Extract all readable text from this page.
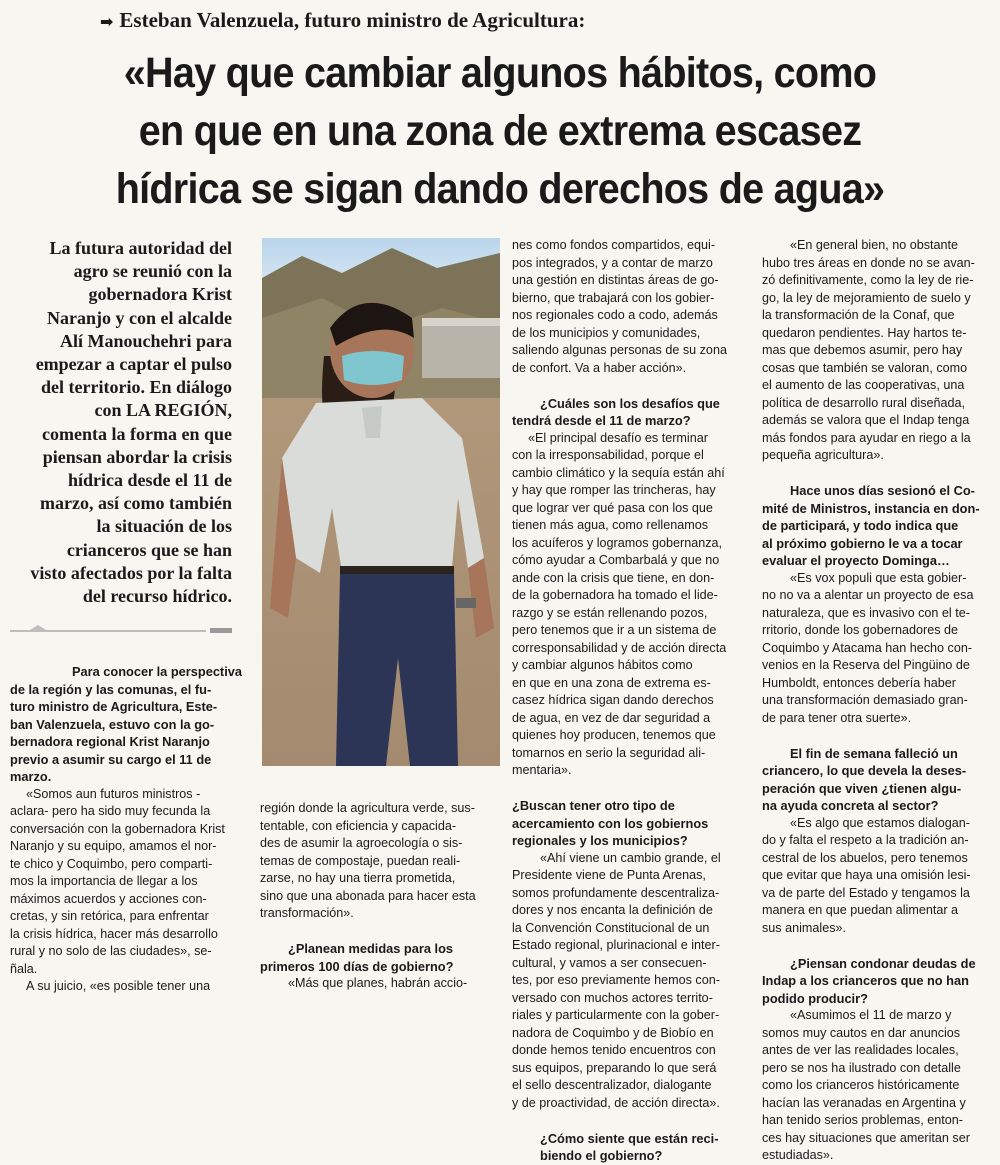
➡ Esteban Valenzuela, futuro ministro de Agricultura:
«Hay que cambiar algunos hábitos, como
en que en una zona de extrema escasez
hídrica se sigan dando derechos de agua»
La futura autoridad del
agro se reunió con la
gobernadora Krist
Naranjo y con el alcalde
Alí Manouchehri para
empezar a captar el pulso
del territorio. En diálogo
con LA REGIÓN,
comenta la forma en que
piensan abordar la crisis
hídrica desde el 11 de
marzo, así como también
la situación de los
crianceros que se han
visto afectados por la falta
del recurso hídrico.
Para conocer la perspectiva
de la región y las comunas, el fu-
turo ministro de Agricultura, Este-
ban Valenzuela, estuvo con la go-
bernadora regional Krist Naranjo
previo a asumir su cargo el 11 de
marzo.
«Somos aun futuros ministros -
aclara- pero ha sido muy fecunda la
conversación con la gobernadora Krist
Naranjo y su equipo, amamos el nor-
te chico y Coquimbo, pero comparti-
mos la importancia de llegar a los
máximos acuerdos y acciones con-
cretas, y sin retórica, para enfrentar
la crisis hídrica, hacer más desarrollo
rural y no solo de las ciudades», se-
ñala.
A su juicio, «es posible tener una
región donde la agricultura verde, sus-
tentable, con eficiencia y capacida-
des de asumir la agroecología o sis-
temas de compostaje, puedan reali-
zarse, no hay una tierra prometida,
sino que una abonada para hacer esta
transformación».
¿Planean medidas para los
primeros 100 días de gobierno?
«Más que planes, habrán accio-
nes como fondos compartidos, equi-
pos integrados, y a contar de marzo
una gestión en distintas áreas de go-
bierno, que trabajará con los gobier-
nos regionales codo a codo, además
de los municipios y comunidades,
saliendo algunas personas de su zona
de confort. Va a haber acción».
¿Cuáles son los desafíos que
tendrá desde el 11 de marzo?
«El principal desafío es terminar
con la irresponsabilidad, porque el
cambio climático y la sequía están ahí
y hay que romper las trincheras, hay
que lograr ver qué pasa con los que
tienen más agua, como rellenamos
los acuíferos y logramos gobernanza,
cómo ayudar a Combarbalá y que no
ande con la crisis que tiene, en don-
de la gobernadora ha tomado el lide-
razgo y se están rellenando pozos,
pero tenemos que ir a un sistema de
corresponsabilidad y de acción directa
y cambiar algunos hábitos como
en que en una zona de extrema es-
casez hídrica sigan dando derechos
de agua, en vez de dar seguridad a
quienes hoy producen, tenemos que
tomarnos en serio la seguridad ali-
mentaria».
¿Buscan tener otro tipo de
acercamiento con los gobiernos
regionales y los municipios?
«Ahí viene un cambio grande, el
Presidente viene de Punta Arenas,
somos profundamente descentraliza-
dores y nos encanta la definición de
la Convención Constitucional de un
Estado regional, plurinacional e inter-
cultural, y vamos a ser consecuen-
tes, por eso previamente hemos con-
versado con muchos actores territo-
riales y particularmente con la gober-
nadora de Coquimbo y de Biobío en
donde hemos tenido encuentros con
sus equipos, preparando lo que será
el sello descentralizador, dialogante
y de proactividad, de acción directa».
¿Cómo siente que están reci-
biendo el gobierno?
«En general bien, no obstante
hubo tres áreas en donde no se avan-
zó definitivamente, como la ley de rie-
go, la ley de mejoramiento de suelo y
la transformación de la Conaf, que
quedaron pendientes. Hay hartos te-
mas que debemos asumir, pero hay
cosas que también se valoran, como
el aumento de las cooperativas, una
política de desarrollo rural diseñada,
además se valora que el Indap tenga
más fondos para ayudar en riego a la
pequeña agricultura».
Hace unos días sesionó el Co-
mité de Ministros, instancia en don-
de participará, y todo indica que
al próximo gobierno le va a tocar
evaluar el proyecto Dominga…
«Es vox populi que esta gobier-
no no va a alentar un proyecto de esa
naturaleza, que es invasivo con el te-
rritorio, donde los gobernadores de
Coquimbo y Atacama han hecho con-
venios en la Reserva del Pingüino de
Humboldt, entonces debería haber
una transformación demasiado gran-
de para tener otra suerte».
El fin de semana falleció un
criancero, lo que devela la deses-
peración que viven ¿tienen algu-
na ayuda concreta al sector?
«Es algo que estamos dialogan-
do y falta el respeto a la tradición an-
cestral de los abuelos, pero tenemos
que evitar que haya una omisión lesi-
va de parte del Estado y tengamos la
manera en que puedan alimentar a
sus animales».
¿Piensan condonar deudas de
Indap a los crianceros que no han
podido producir?
«Asumimos el 11 de marzo y
somos muy cautos en dar anuncios
antes de ver las realidades locales,
pero se nos ha ilustrado con detalle
como los crianceros históricamente
hacían las veranadas en Argentina y
han tenido serios problemas, enton-
ces hay situaciones que ameritan ser
estudiadas».
